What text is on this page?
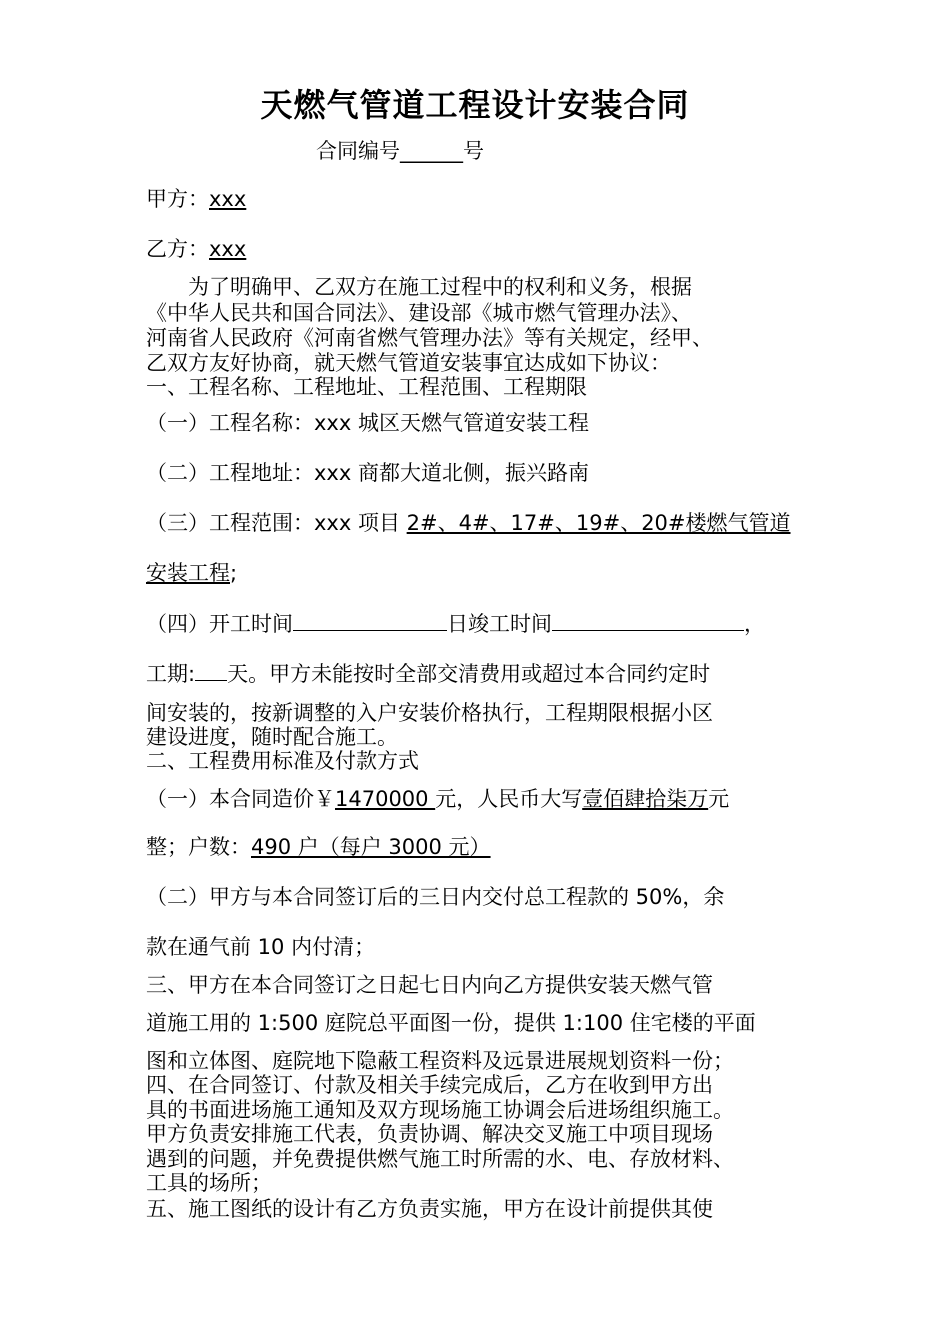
天燃气管道工程设计安装合同
合同编号______号
甲方：xxx
乙方：xxx
为了明确甲、乙双方在施工过程中的权利和义务，根据
《中华人民共和国合同法》、建设部《城市燃气管理办法》、
河南省人民政府《河南省燃气管理办法》等有关规定，经甲、
乙双方友好协商，就天燃气管道安装事宜达成如下协议：
一、工程名称、工程地址、工程范围、工程期限
（一）工程名称：xxx 城区天燃气管道安装工程
（二）工程地址：xxx 商都大道北侧，振兴路南
（三）工程范围：xxx 项目 2#、4#、17#、19#、20#楼燃气管道
安装工程;
（四）开工时间	日竣工时间	，
工期: 天。甲方未能按时全部交清费用或超过本合同约定时
间安装的，按新调整的入户安装价格执行，工程期限根据小区
建设进度，随时配合施工。
二、工程费用标准及付款方式
（一）本合同造价￥1470000 元，人民币大写壹佰肆拾柒万元
整；户数：490 户（每户 3000 元）
（二）甲方与本合同签订后的三日内交付总工程款的 50%，余
款在通气前 10 内付清；
三、甲方在本合同签订之日起七日内向乙方提供安装天燃气管
道施工用的 1:500 庭院总平面图一份，提供 1:100 住宅楼的平面
图和立体图、庭院地下隐蔽工程资料及远景进展规划资料一份；
四、在合同签订、付款及相关手续完成后，乙方在收到甲方出
具的书面进场施工通知及双方现场施工协调会后进场组织施工。
甲方负责安排施工代表，负责协调、解决交叉施工中项目现场
遇到的问题，并免费提供燃气施工时所需的水、电、存放材料、
工具的场所；
五、施工图纸的设计有乙方负责实施，甲方在设计前提供其使
